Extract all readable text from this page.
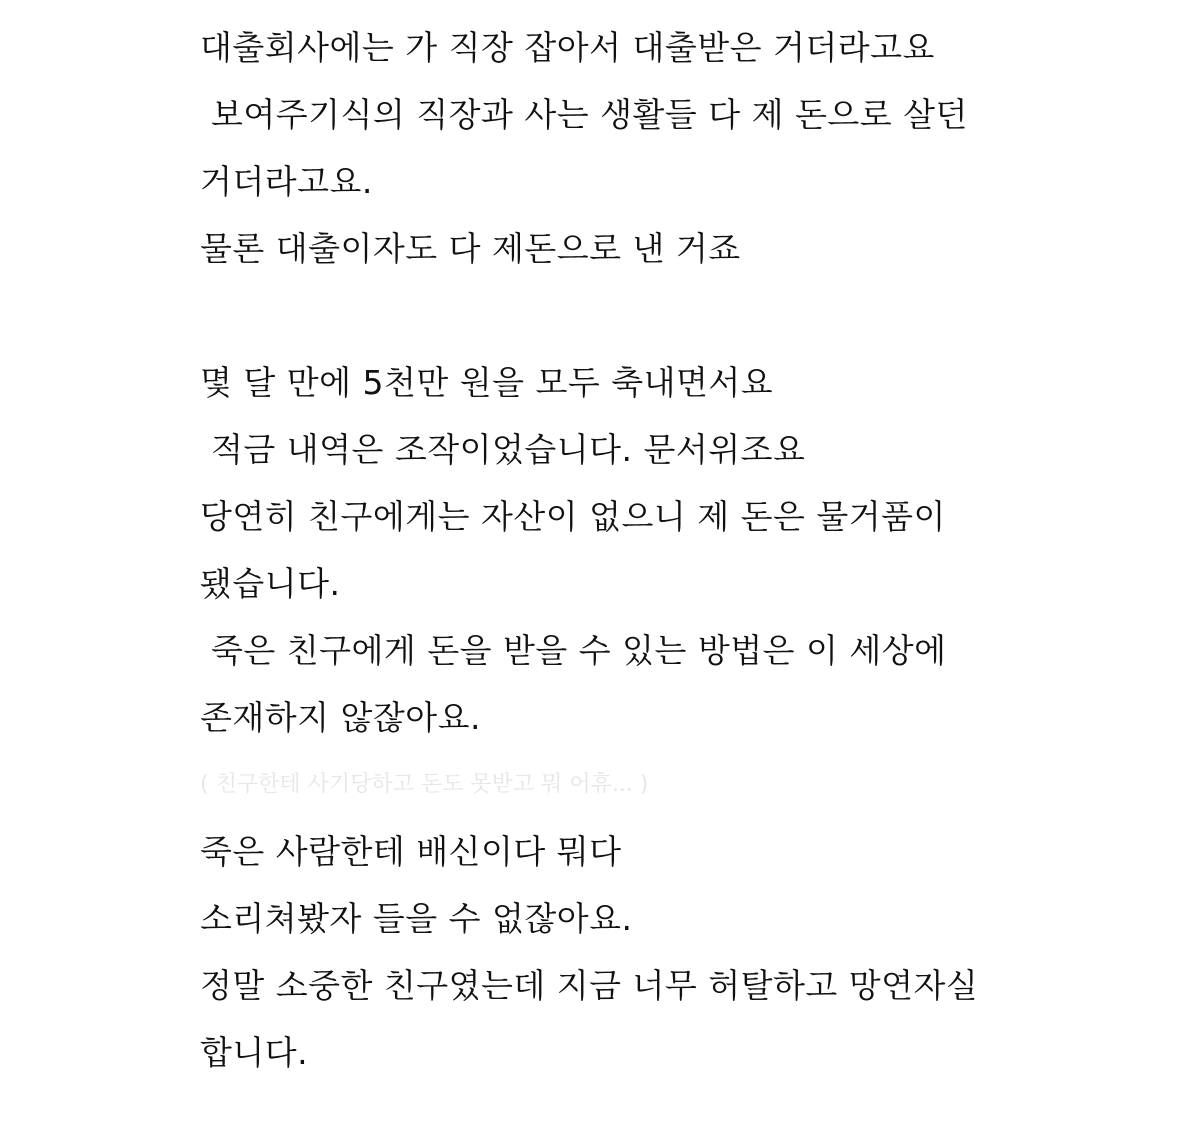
대출회사에는 가 직장 잡아서 대출받은 거더라고요
보여주기식의 직장과 사는 생활들 다 제 돈으로 살던
거더라고요.
물론 대출이자도 다 제돈으로 낸 거죠
몇 달 만에 5천만 원을 모두 축내면서요
적금 내역은 조작이었습니다. 문서위조요
당연히 친구에게는 자산이 없으니 제 돈은 물거품이
됐습니다.
죽은 친구에게 돈을 받을 수 있는 방법은 이 세상에
존재하지 않잖아요.
( 친구한테 사기당하고 돈도 못받고 뭐 어휴... )
죽은 사람한테 배신이다 뭐다
소리쳐봤자 들을 수 없잖아요.
정말 소중한 친구였는데 지금 너무 허탈하고 망연자실
합니다.
